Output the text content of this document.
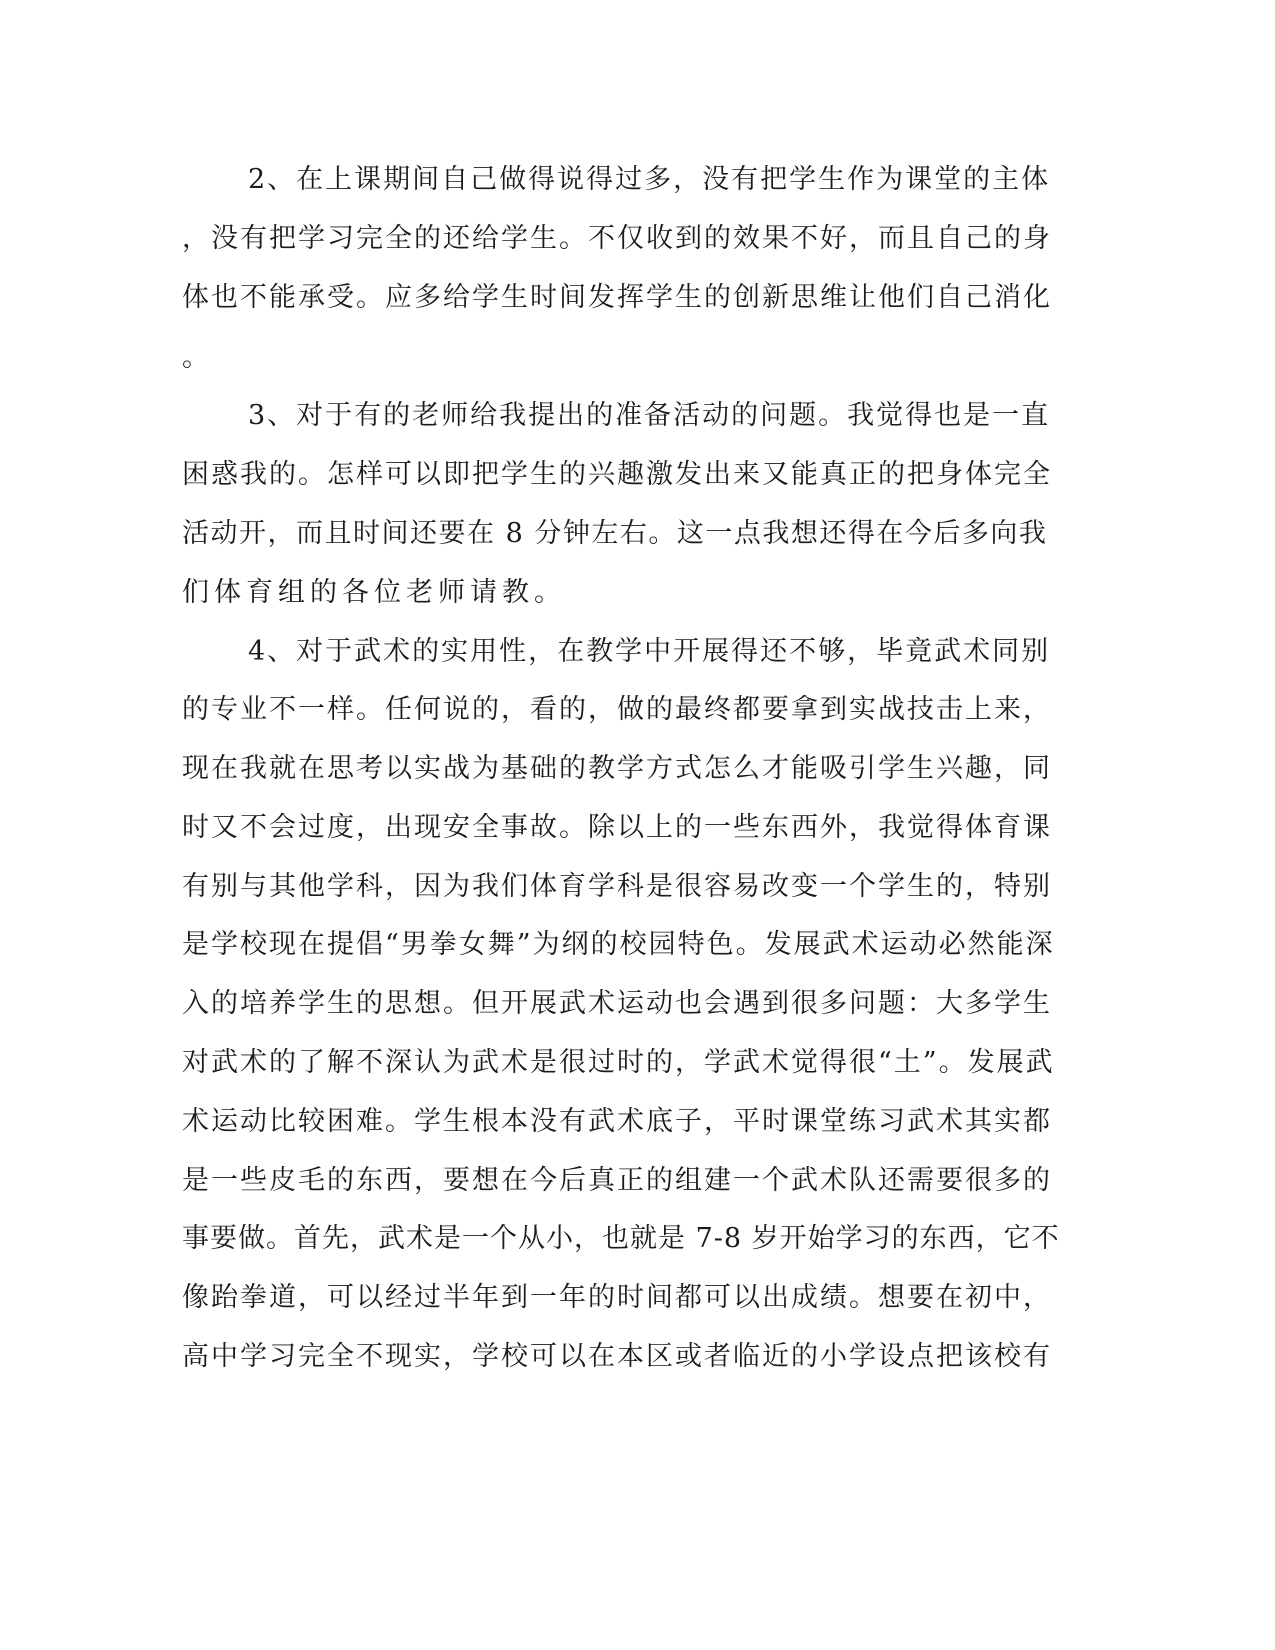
2、在上课期间自己做得说得过多，没有把学生作为课堂的主体
，没有把学习完全的还给学生。不仅收到的效果不好，而且自己的身
体也不能承受。应多给学生时间发挥学生的创新思维让他们自己消化
。
3、对于有的老师给我提出的准备活动的问题。我觉得也是一直
困惑我的。怎样可以即把学生的兴趣激发出来又能真正的把身体完全
活动开，而且时间还要在 8 分钟左右。这一点我想还得在今后多向我
们体育组的各位老师请教。
4、对于武术的实用性，在教学中开展得还不够，毕竟武术同别
的专业不一样。任何说的，看的，做的最终都要拿到实战技击上来，
现在我就在思考以实战为基础的教学方式怎么才能吸引学生兴趣，同
时又不会过度，出现安全事故。除以上的一些东西外，我觉得体育课
有别与其他学科，因为我们体育学科是很容易改变一个学生的，特别
是学校现在提倡“男拳女舞”为纲的校园特色。发展武术运动必然能深
入的培养学生的思想。但开展武术运动也会遇到很多问题：大多学生
对武术的了解不深认为武术是很过时的，学武术觉得很“土”。发展武
术运动比较困难。学生根本没有武术底子，平时课堂练习武术其实都
是一些皮毛的东西，要想在今后真正的组建一个武术队还需要很多的
事要做。首先，武术是一个从小，也就是 7-8 岁开始学习的东西，它不
像跆拳道，可以经过半年到一年的时间都可以出成绩。想要在初中，
高中学习完全不现实，学校可以在本区或者临近的小学设点把该校有
